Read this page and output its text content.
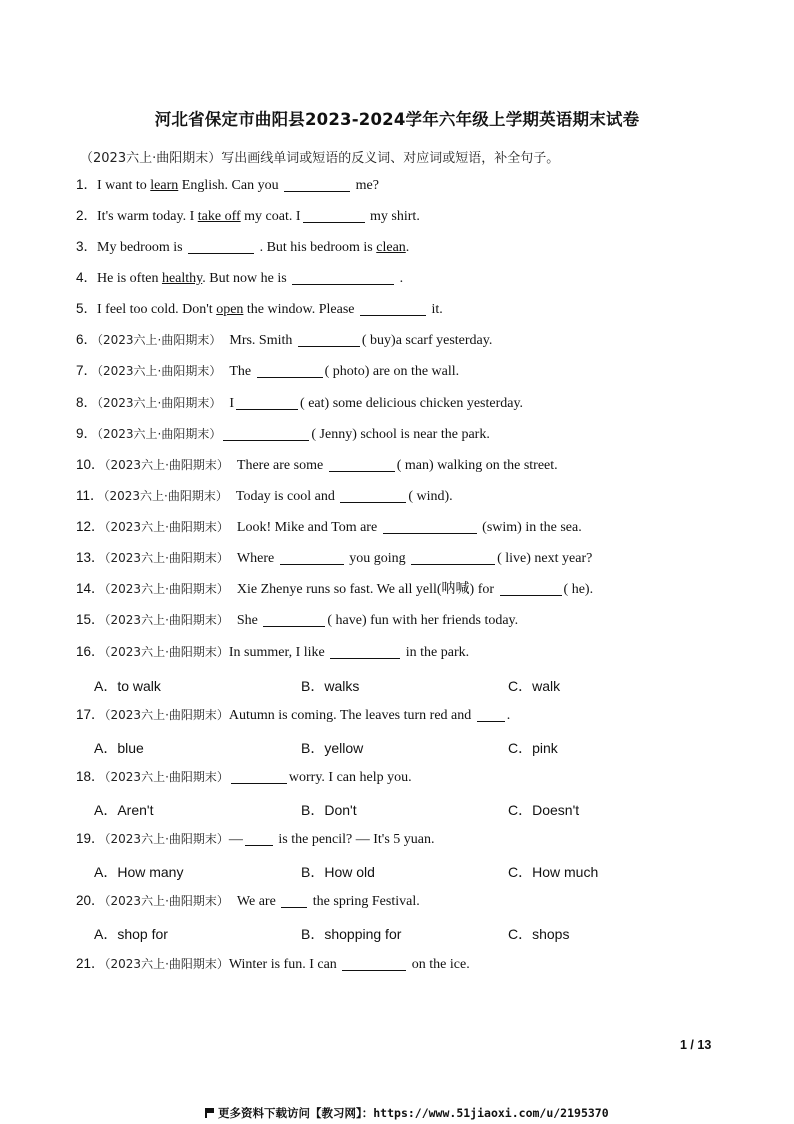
河北省保定市曲阳县2023-2024学年六年级上学期英语期末试卷
（2023六上·曲阳期末）写出画线单词或短语的反义词、对应词或短语，补全句子。
1．I want to learn English. Can you	me?
2．It's warm today. I take off my coat. I	my shirt.
3．My bedroom is	. But his bedroom is clean.
4．He is often healthy. But now he is	.
5．I feel too cold. Don't open the window. Please	it.
6．（2023六上·曲阳期末） Mrs. Smith	( buy)a scarf yesterday.
7．（2023六上·曲阳期末） The	( photo) are on the wall.
8．（2023六上·曲阳期末） I	( eat) some delicious chicken yesterday.
9．（2023六上·曲阳期末）	( Jenny) school is near the park.
10．（2023六上·曲阳期末） There are some	( man) walking on the street.
11．（2023六上·曲阳期末） Today is cool and	( wind).
12．（2023六上·曲阳期末） Look! Mike and Tom are	(swim) in the sea.
13．（2023六上·曲阳期末） Where	you going	( live) next year?
14．（2023六上·曲阳期末） Xie Zhenye runs so fast. We all yell(呐喊) for	( he).
15．（2023六上·曲阳期末） She	( have) fun with her friends today.
16．（2023六上·曲阳期末）In summer, I like	in the park.
A．to walk	B．walks	C．walk
17．（2023六上·曲阳期末）Autumn is coming. The leaves turn red and .
A．blue	B．yellow	C．pink
18．（2023六上·曲阳期末）	worry. I can help you.
A．Aren't	B．Don't	C．Doesn't
19．（2023六上·曲阳期末）— is the pencil? — It's 5 yuan.
A．How many	B．How old	C．How much
20．（2023六上·曲阳期末） We are  the spring Festival.
A．shop for	B．shopping for	C．shops
21．（2023六上·曲阳期末）Winter is fun. I can	on the ice.
1 / 13
更多资料下载访问【教习网】：https://www.51jiaoxi.com/u/2195370
